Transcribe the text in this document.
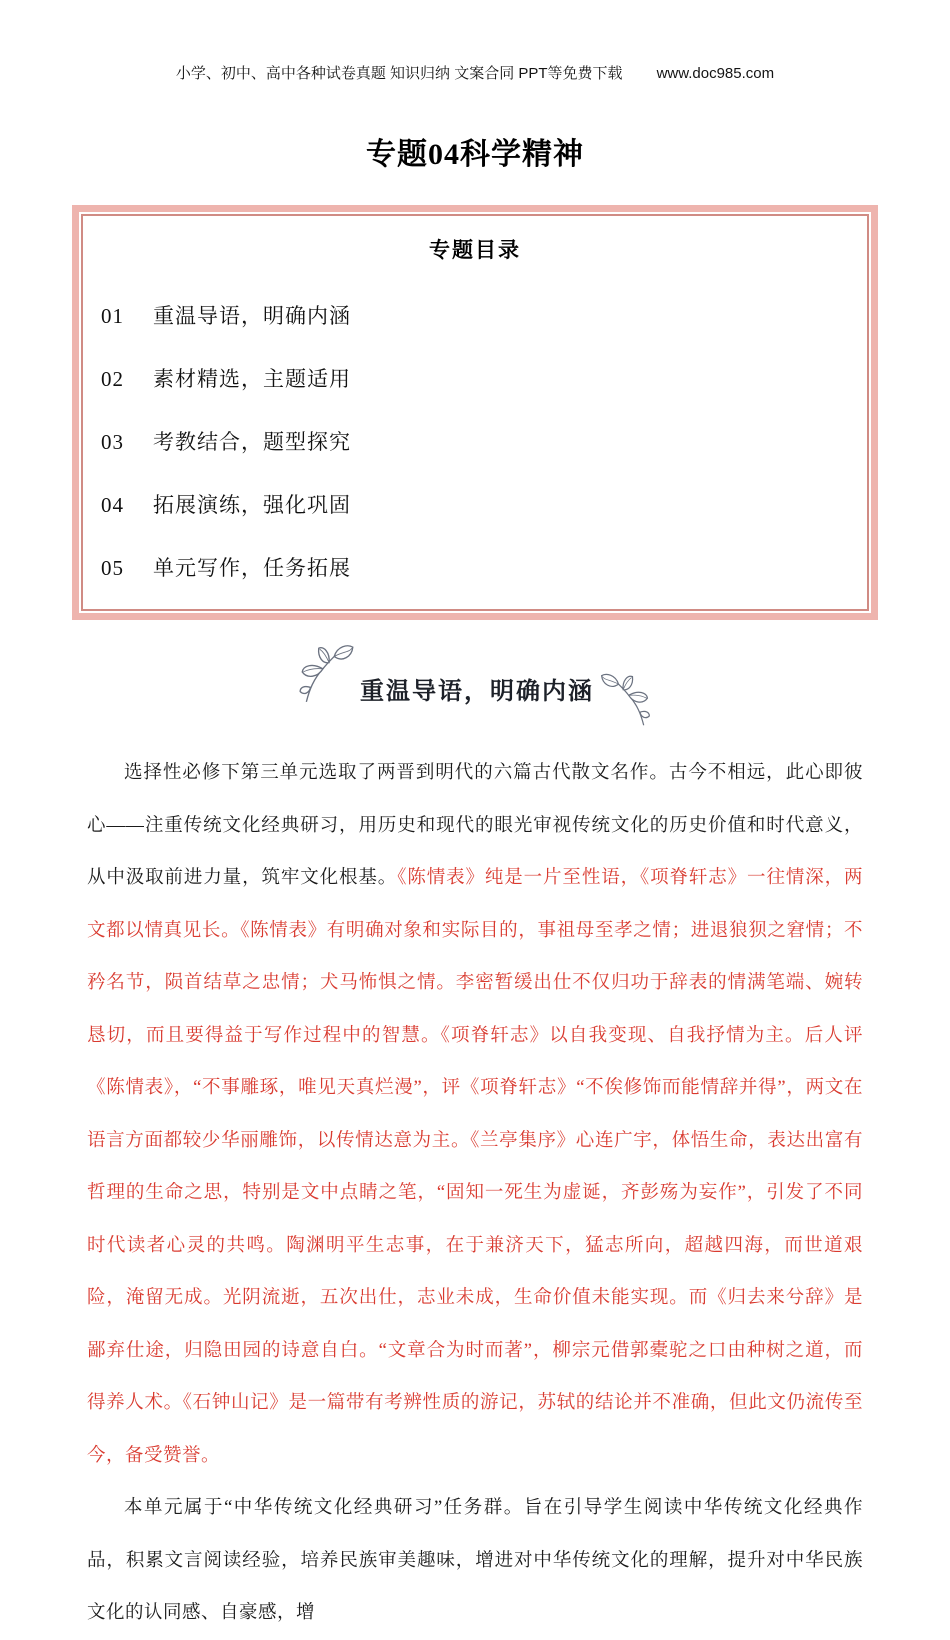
小学、初中、高中各种试卷真题 知识归纳 文案合同 PPT等免费下载 www.doc985.com
专题04科学精神
专题目录
01 重温导语，明确内涵
02 素材精选，主题适用
03 考教结合，题型探究
04 拓展演练，强化巩固
05 单元写作，任务拓展
重温导语，明确内涵

选择性必修下第三单元选取了两晋到明代的六篇古代散文名作。古今不相远，此心即彼心——注重传统文化经典研习，用历史和现代的眼光审视传统文化的历史价值和时代意义，从中汲取前进力量，筑牢文化根基。《陈情表》纯是一片至性语，《项脊轩志》一往情深，两文都以情真见长。《陈情表》有明确对象和实际目的，事祖母至孝之情；进退狼狈之窘情；不矜名节，陨首结草之忠情；犬马怖惧之情。李密暂缓出仕不仅归功于辞表的情满笔端、婉转恳切，而且要得益于写作过程中的智慧。《项脊轩志》以自我变现、自我抒情为主。后人评《陈情表》，“不事雕琢，唯见天真烂漫”，评《项脊轩志》“不俟修饰而能情辞并得”，两文在语言方面都较少华丽雕饰，以传情达意为主。《兰亭集序》心连广宇，体悟生命，表达出富有哲理的生命之思，特别是文中点睛之笔，“固知一死生为虚诞，齐彭殇为妄作”，引发了不同时代读者心灵的共鸣。陶渊明平生志事，在于兼济天下，猛志所向，超越四海，而世道艰险，淹留无成。光阴流逝，五次出仕，志业未成，生命价值未能实现。而《归去来兮辞》是鄙弃仕途，归隐田园的诗意自白。“文章合为时而著”，柳宗元借郭橐驼之口由种树之道，而得养人术。《石钟山记》是一篇带有考辨性质的游记，苏轼的结论并不准确，但此文仍流传至今，备受赞誉。

本单元属于“中华传统文化经典研习”任务群。旨在引导学生阅读中华传统文化经典作品，积累文言阅读经验，培养民族审美趣味，增进对中华传统文化的理解，提升对中华民族文化的认同感、自豪感，增
